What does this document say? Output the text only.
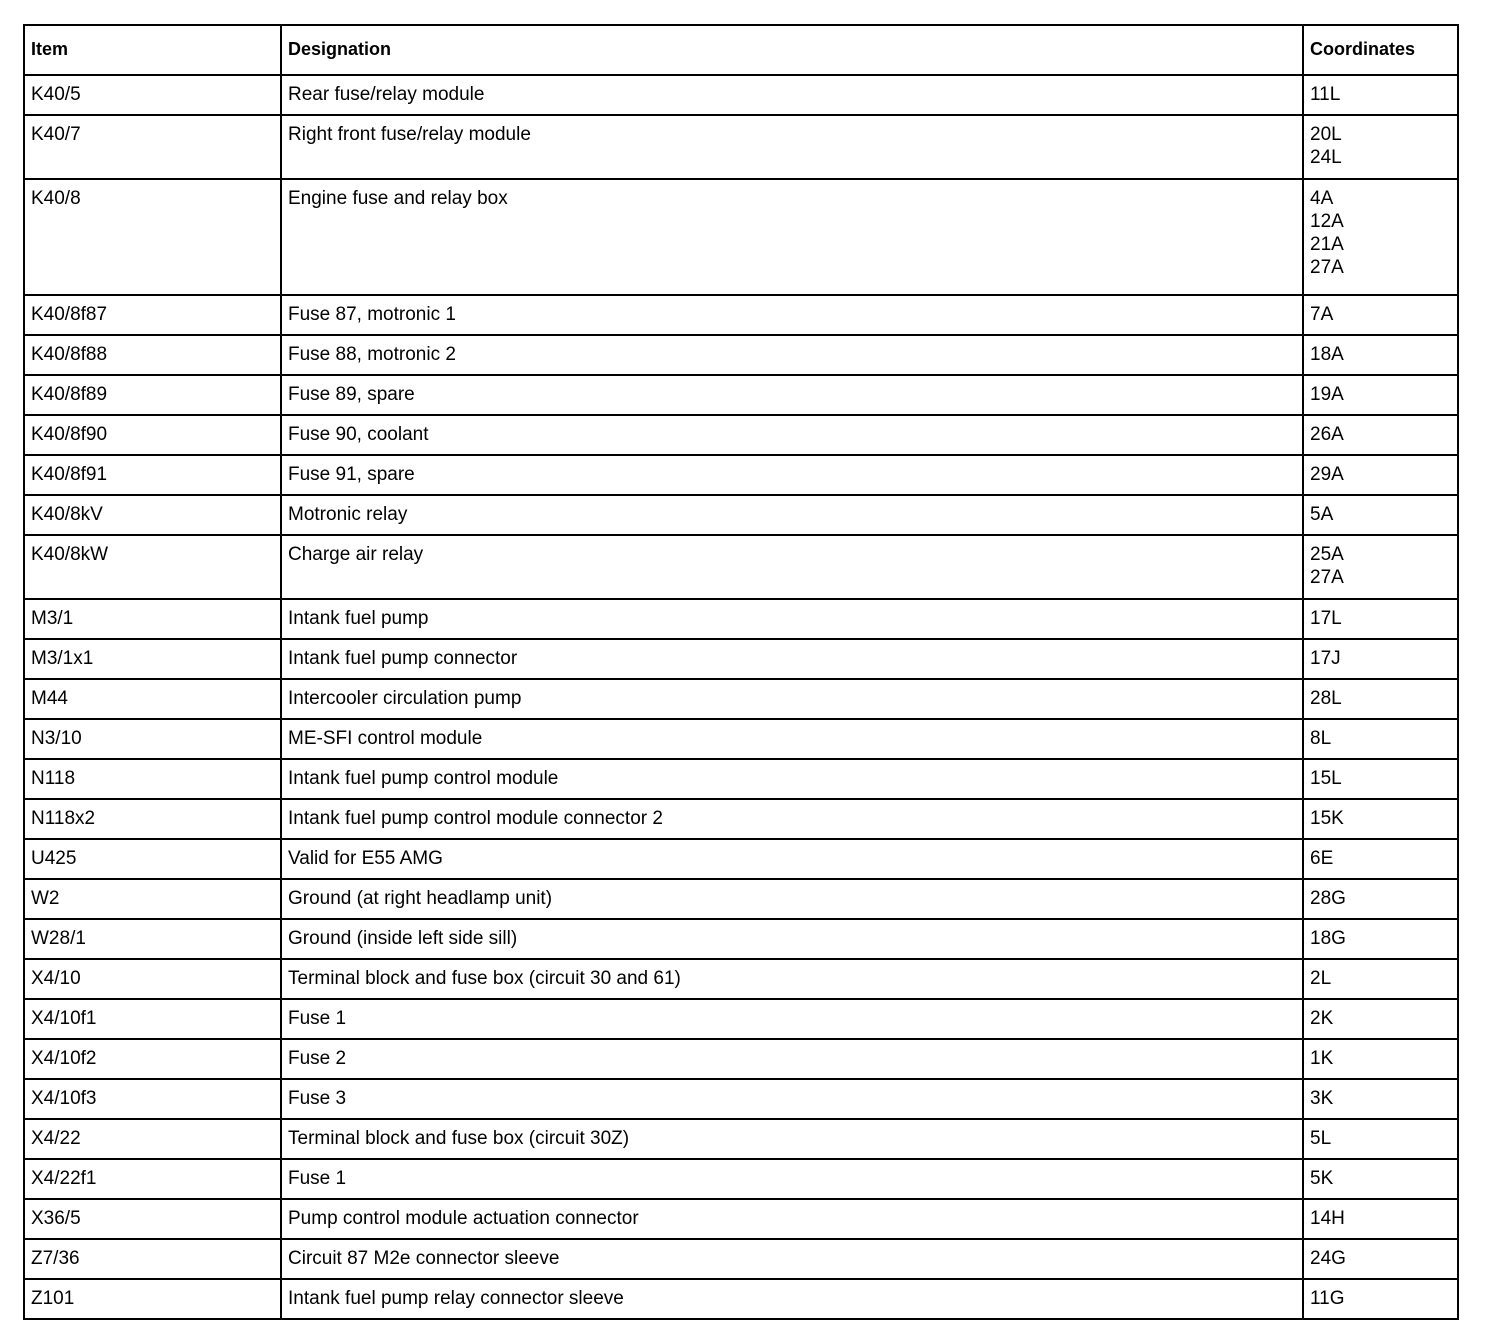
Item	Designation	Coordinates
K40/5	Rear fuse/relay module	11L

K40/7	Right front fuse/relay module	20L
24L

K40/8	Engine fuse and relay box	4A
12A
21A
27A

K40/8f87	Fuse 87, motronic 1	7A

K40/8f88	Fuse 88, motronic 2	18A

K40/8f89	Fuse 89, spare	19A

K40/8f90	Fuse 90, coolant	26A

K40/8f91	Fuse 91, spare	29A

K40/8kV	Motronic relay	5A

K40/8kW	Charge air relay	25A
27A

M3/1	Intank fuel pump	17L

M3/1x1	Intank fuel pump connector	17J

M44	Intercooler circulation pump	28L

N3/10	ME-SFI control module	8L

N118	Intank fuel pump control module	15L

N118x2	Intank fuel pump control module connector 2	15K

U425	Valid for E55 AMG	6E

W2	Ground (at right headlamp unit)	28G

W28/1	Ground (inside left side sill)	18G

X4/10	Terminal block and fuse box (circuit 30 and 61)	2L

X4/10f1	Fuse 1	2K

X4/10f2	Fuse 2	1K

X4/10f3	Fuse 3	3K

X4/22	Terminal block and fuse box (circuit 30Z)	5L

X4/22f1	Fuse 1	5K

X36/5	Pump control module actuation connector	14H

Z7/36	Circuit 87 M2e connector sleeve	24G

Z101	Intank fuel pump relay connector sleeve	11G
